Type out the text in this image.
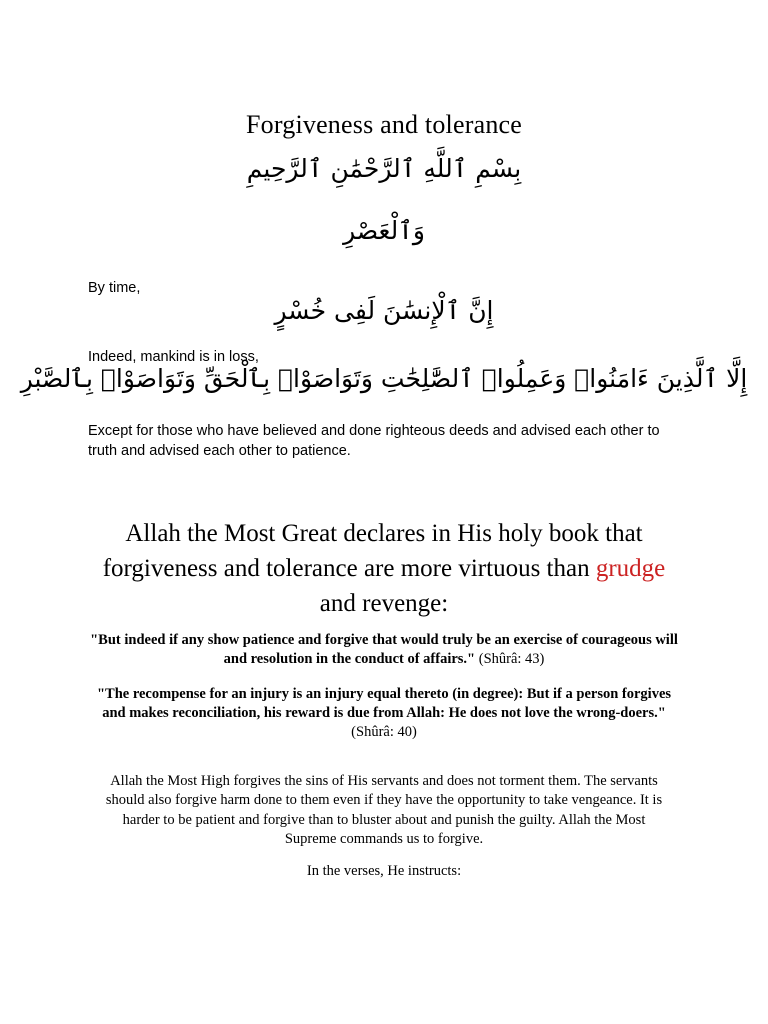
Forgiveness and tolerance
بِسْمِ ٱللَّهِ ٱلرَّحْمَٰنِ ٱلرَّحِيمِ
وَٱلْعَصْرِ
By time,
إِنَّ ٱلْإِنسَٰنَ لَفِى خُسْرٍ
Indeed, mankind is in loss,
إِلَّا ٱلَّذِينَ ءَامَنُوا۟ وَعَمِلُوا۟ ٱلصَّٰلِحَٰتِ وَتَوَاصَوْا۟ بِٱلْحَقِّ وَتَوَاصَوْا۟ بِٱلصَّبْرِ
Except for those who have believed and done righteous deeds and advised each other to truth and advised each other to patience.
Allah the Most Great declares in His holy book that forgiveness and tolerance are more virtuous than grudge and revenge:
"But indeed if any show patience and forgive that would truly be an exercise of courageous will and resolution in the conduct of affairs." (Shûrâ: 43)
"The recompense for an injury is an injury equal thereto (in degree): But if a person forgives and makes reconciliation, his reward is due from Allah: He does not love the wrong-doers." (Shûrâ: 40)

Allah the Most High forgives the sins of His servants and does not torment them. The servants should also forgive harm done to them even if they have the opportunity to take vengeance. It is harder to be patient and forgive than to bluster about and punish the guilty. Allah the Most Supreme commands us to forgive.

In the verses, He instructs:
